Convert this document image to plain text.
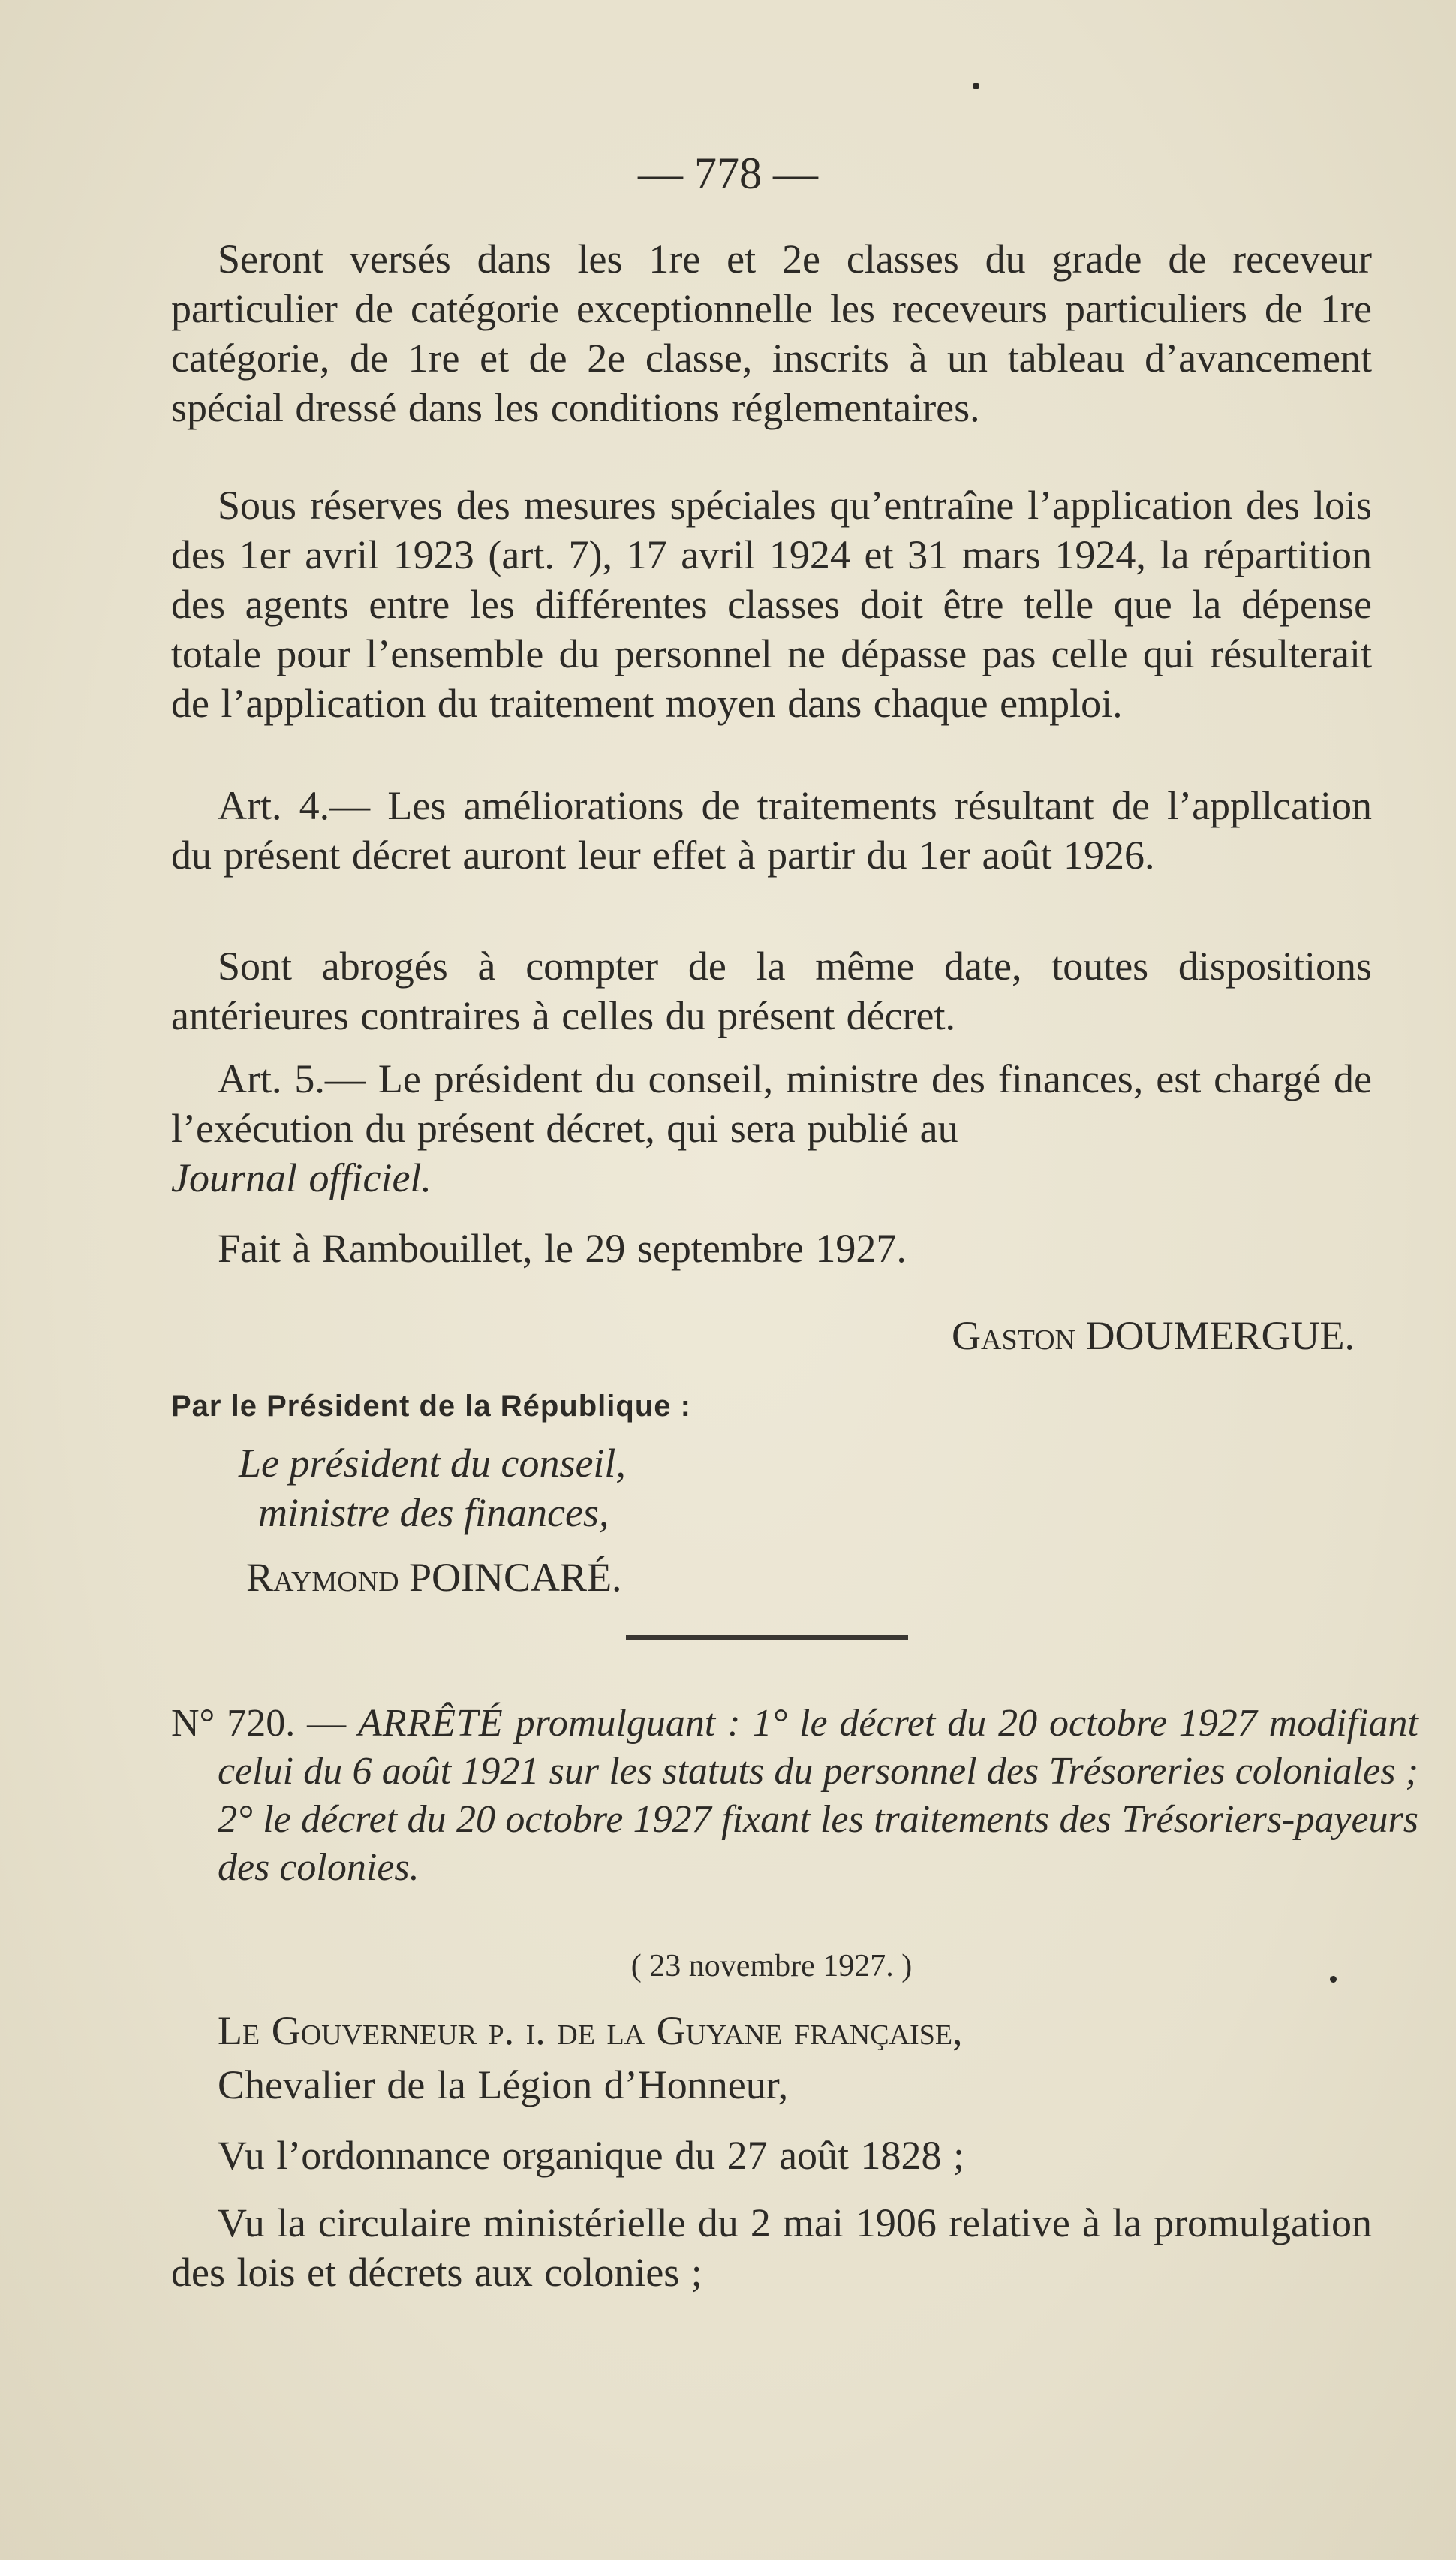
— 778 —

Seront versés dans les 1re et 2e classes du grade de receveur particulier de catégorie exceptionnelle les receveurs particuliers de 1re catégorie, de 1re et de 2e classe, inscrits à un tableau d’avancement spécial dressé dans les conditions réglementaires.

Sous réserves des mesures spéciales qu’entraîne l’application des lois des 1er avril 1923 (art. 7), 17 avril 1924 et 31 mars 1924, la répartition des agents entre les différentes classes doit être telle que la dépense totale pour l’ensemble du personnel ne dépasse pas celle qui résulterait de l’application du traitement moyen dans chaque emploi.

Art. 4.— Les améliorations de traitements résultant de l’appllcation du présent décret auront leur effet à partir du 1er août 1926.

Sont abrogés à compter de la même date, toutes dispositions antérieures contraires à celles du présent décret.

Art. 5.— Le président du conseil, ministre des finances, est chargé de l’exécution du présent décret, qui sera publié au

Journal officiel.

Fait à Rambouillet, le 29 septembre 1927.

Gaston DOUMERGUE.
Par le Président de la République :
Le président du conseil,
ministre des finances,
Raymond POINCARÉ.

N° 720. — ARRÊTÉ promulguant : 1° le décret du 20 octobre 1927 modifiant celui du 6 août 1921 sur les statuts du personnel des Trésoreries coloniales ; 2° le décret du 20 octobre 1927 fixant les traitements des Trésoriers-payeurs des colonies.

( 23 novembre 1927. )

Le Gouverneur p. i. de la Guyane française,

Chevalier de la Légion d’Honneur,

Vu l’ordonnance organique du 27 août 1828 ;

Vu la circulaire ministérielle du 2 mai 1906 relative à la promulgation des lois et décrets aux colonies ;
